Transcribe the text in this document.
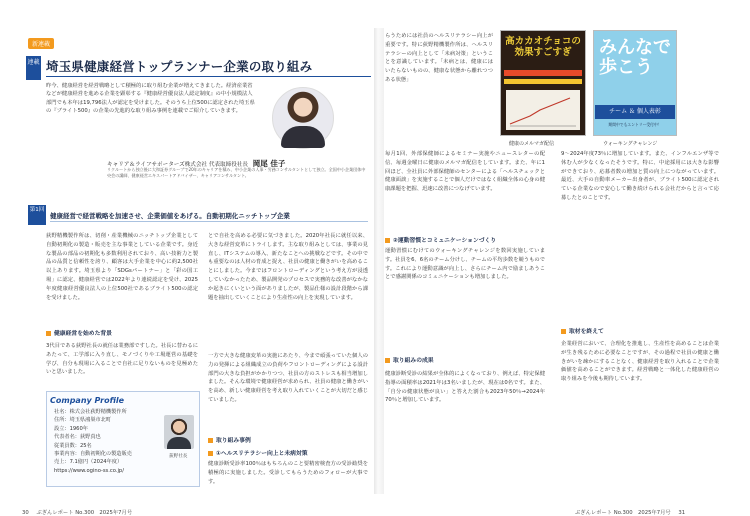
新連載
連載 埼玉県健康経営トップランナー企業の取り組み
昨今、健康経営を経営戦略として積極的に取り組む企業が増えてきました。経済産業省などが健康経営を進める企業を顕彰する『健康経営優良法人認定制度』の中小規模法人部門でも本年は19,796法人が認定を受けました。そのうち上位500に認定された埼玉県の『ブライト500』の企業の先進的な取り組み事例を連載でご紹介していきます。
キャリア＆ライフサポーターズ株式会社 代表取締役社長 岡尾 佳子
リクルートから独立後に大和証券グループで20年のキャリアを積み、中小企業の人事・労務コンサルタントとして独立。全国中小企業団体中央会の講師、健康経営エキスパートアドバイザー、キャリアコンサルタント。
第1回
健康経営で経営戦略を加速させ、企業価値をあげる。自動初期化ニッチトップ企業
荻野精機製作所は、切削・産業機械のニッチトップ企業として自動初期化の製造・販売を主な事業としている企業です。身近な製品の部品の初期化も多数利用されており、高い技術力と製品の品質と信頼性を誇り、顧客は大手企業を中心に約2,500社以上あります。埼玉県より「SDGsパートナー」と「彩の国工場」に認定、健康経営では2022年より連続認定を受け、2025年度健康経営優良法人の上位500社であるブライト500の認定を受けました。
健康経営を始めた背景
3代目である荻野社長の就任は業務部ですした。社長に替わるにあたって、工学部に入り直し、モノづくりや工場運営の基礎を学び、自分も現場に入ることで自社に足りないものを見極めたいと思いました。
とで自社を高める必要に気づきました。2020年社長に就任以来、大きな経営変革にトライします。主な取り組みとしては、事業の見直し、ITシステムの導入、新たなことへの挑戦などです。その中でも重要なのは人材の育成と捉え、社員の健康と働きがいを高めることにしました。今まではフロントローディングという考え方が浸透していなかったため、製品開発のプロセスで実務的な改善がなかなか起きにくいという面がありましたが、製品仕様の設計段階から課題を抽出していくことにより生産性の向上を実現しています。
一方で大きな健康変革の実施にあたり、今まで頑張っていた個人の力の発揮による組織成立の負荷やフロントローディングによる設計部門の大きな負担がかかりつつ、社員の方のストレスも相当増加しました。そんな環境で健康経営が求められ、社員の健康と働きがいを高め、新しい健康経営を考え取り入れていくことが大切だと感じていました。
取り組み事例
①ヘルスリテラシー向上と未病対策
健康診断受診率100％はもちろんのこと要精密検査方の受診勧奨を積極的に実施しました。受診してもらうためのフォローが大事です。
Company Profile
社名：株式会社荻野精機製作所
住所：埼玉県鴻巣市北町
設立：1960年
代表者名：荻野真也
従業員数：25名
事業内容：自動初期化の製造販売
売上：7.1億円（2024年度）
https://www.ogino-ss.co.jp/
荻野社長
30 ぶぎんレポート No.300　2025年7月号
らうためには社員のヘルスリテラシー向上が重要です。特に荻野精機製作所は、ヘルスリテラシーの向上として「未病対策」ということを意識しています。「未病とは、健康にはいたらないものの、健康な状態から離れつつある状態」
高カカオチョコの効果すごすぎ	みんなで歩こう
チーム ＆ 個人表彰
期間中でもエントリー受付中！
健康のメルマガ配信	ウォーキングチャレンジ
毎月1回、外部保健師によるセミナー実施やニュースレターの配信、毎週金曜日に健康のメルマガ配信をしています。また、年に1回ほど、全社員に外部保健師のセンターによる「ヘルスチェックと健康面談」を実施することで個人だけではなく組織全体の心身の健康課題を把握、迅速に改善につなげています。
②運動習慣とコミュニケーションづくり
運動習慣にむけてのウォーキングチャレンジを数回実施しています。社員を6、6名のチーム分けし、チームの平均歩数を競うものです。これにより運動意識が向上し、さらにチーム内で励ましあうことで感謝関係のコミュニケーションも増加しました。
取り組みの成果
健康診断受診の結果が全体的によくなっており、例えば、特定保健指導の面積率は2021年は3名いましたが、現在は0名です。また、「自分の健康状態が良い」と答えた割合も2023年50％→2024年70％と増加しています。
9～2024年度73％に増加しています。また、インフルエンザ等で休む人が少なくなったそうです。特に、中途採用には大きな影響ができており、応募者数の増加と質の向上につながっています。最近、大手の自動車メーカー出身者が、ブライト500に認定されている企業なので安心して働き続けられる会社だからと言って応募したとのことです。
取材を終えて
企業経営において、合理化を推進し、生産性を高めることは企業が生き残るために必要なことですが、その過程で社員の健康と働きがいを疎かにすることなく、健康経営を取り入れることで企業価値を高めることができます。経営戦略と一体化した健康経営の取り組みを今後も期待しています。
ぶぎんレポート No.300　2025年7月号 31
